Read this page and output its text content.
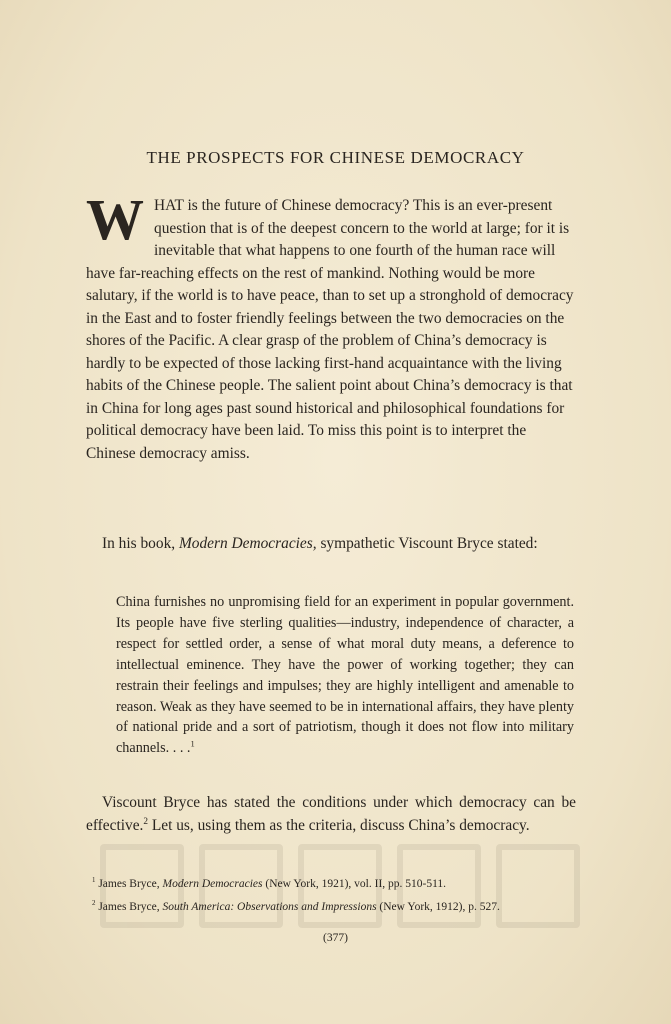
THE PROSPECTS FOR CHINESE DEMOCRACY
WHAT is the future of Chinese democracy? This is an ever-present question that is of the deepest concern to the world at large; for it is inevitable that what happens to one fourth of the human race will have far-reaching effects on the rest of mankind. Nothing would be more salutary, if the world is to have peace, than to set up a stronghold of democracy in the East and to foster friendly feelings between the two democracies on the shores of the Pacific. A clear grasp of the problem of China’s democracy is hardly to be expected of those lacking first-hand acquaintance with the living habits of the Chinese people. The salient point about China’s democracy is that in China for long ages past sound historical and philosophical foundations for political democracy have been laid. To miss this point is to interpret the Chinese democracy amiss.
In his book, Modern Democracies, sympathetic Viscount Bryce stated:
China furnishes no unpromising field for an experiment in popular government. Its people have five sterling qualities—industry, independence of character, a respect for settled order, a sense of what moral duty means, a deference to intellectual eminence. They have the power of working together; they can restrain their feelings and impulses; they are highly intelligent and amenable to reason. Weak as they have seemed to be in international affairs, they have plenty of national pride and a sort of patriotism, though it does not flow into military channels. . . .$^1$
Viscount Bryce has stated the conditions under which democracy can be effective.$^2$ Let us, using them as the criteria, discuss China’s democracy.
$^1$ James Bryce, Modern Democracies (New York, 1921), vol. II, pp. 510-511.
$^2$ James Bryce, South America: Observations and Impressions (New York, 1912), p. 527.
(377)
